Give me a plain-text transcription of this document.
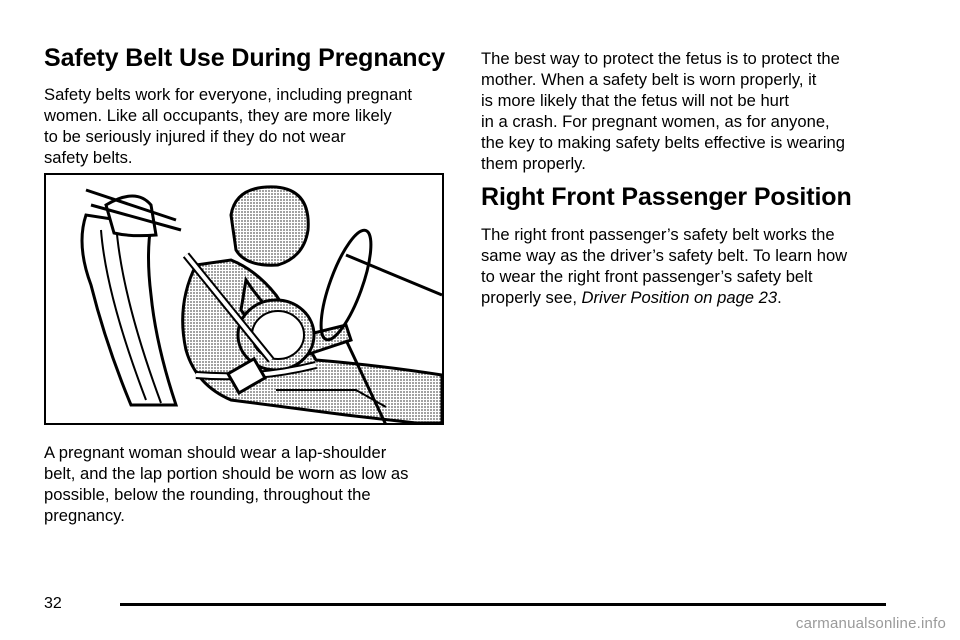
Safety Belt Use During Pregnancy
Safety belts work for everyone, including pregnant
women. Like all occupants, they are more likely
to be seriously injured if they do not wear
safety belts.
A pregnant woman should wear a lap-shoulder
belt, and the lap portion should be worn as low as
possible, below the rounding, throughout the
pregnancy.
The best way to protect the fetus is to protect the
mother. When a safety belt is worn properly, it
is more likely that the fetus will not be hurt
in a crash. For pregnant women, as for anyone,
the key to making safety belts effective is wearing
them properly.
Right Front Passenger Position
The right front passenger’s safety belt works the
same way as the driver’s safety belt. To learn how
to wear the right front passenger’s safety belt
properly see, Driver Position on page 23.
32
carmanualsonline.info
